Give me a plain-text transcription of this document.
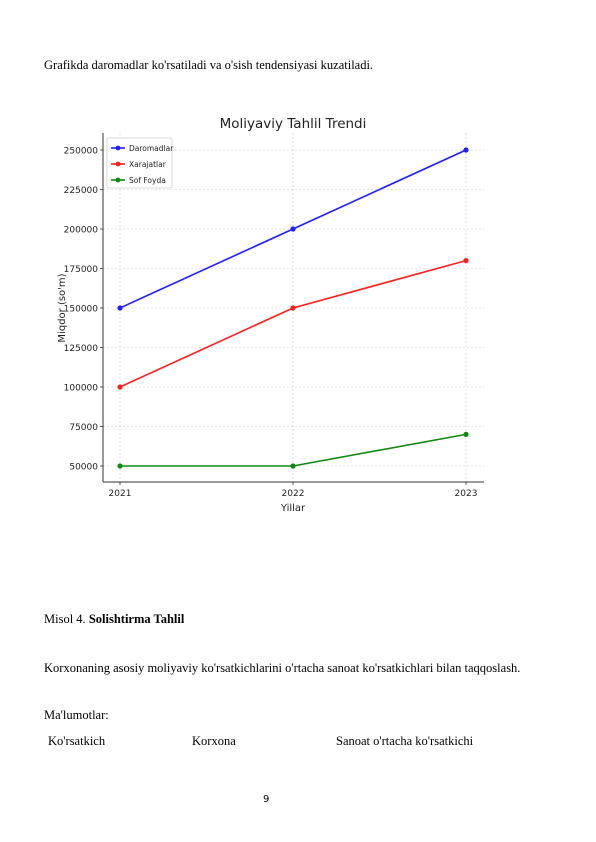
Grafikda daromadlar ko'rsatiladi va o'sish tendensiyasi kuzatiladi.
50000
75000
100000
125000
150000
175000
200000
225000
250000
2021	2022	2023
Daromadlar
Xarajatlar
Sof Foyda
Moliyaviy Tahlil Trendi
Yillar
Miqdor (so'm)
Misol 4. Solishtirma Tahlil
Korxonaning asosiy moliyaviy ko'rsatkichlarini o'rtacha sanoat ko'rsatkichlari bilan taqqoslash.
Ma'lumotlar:
Ko'rsatkich	Korxona	Sanoat o'rtacha ko'rsatkichi
9
